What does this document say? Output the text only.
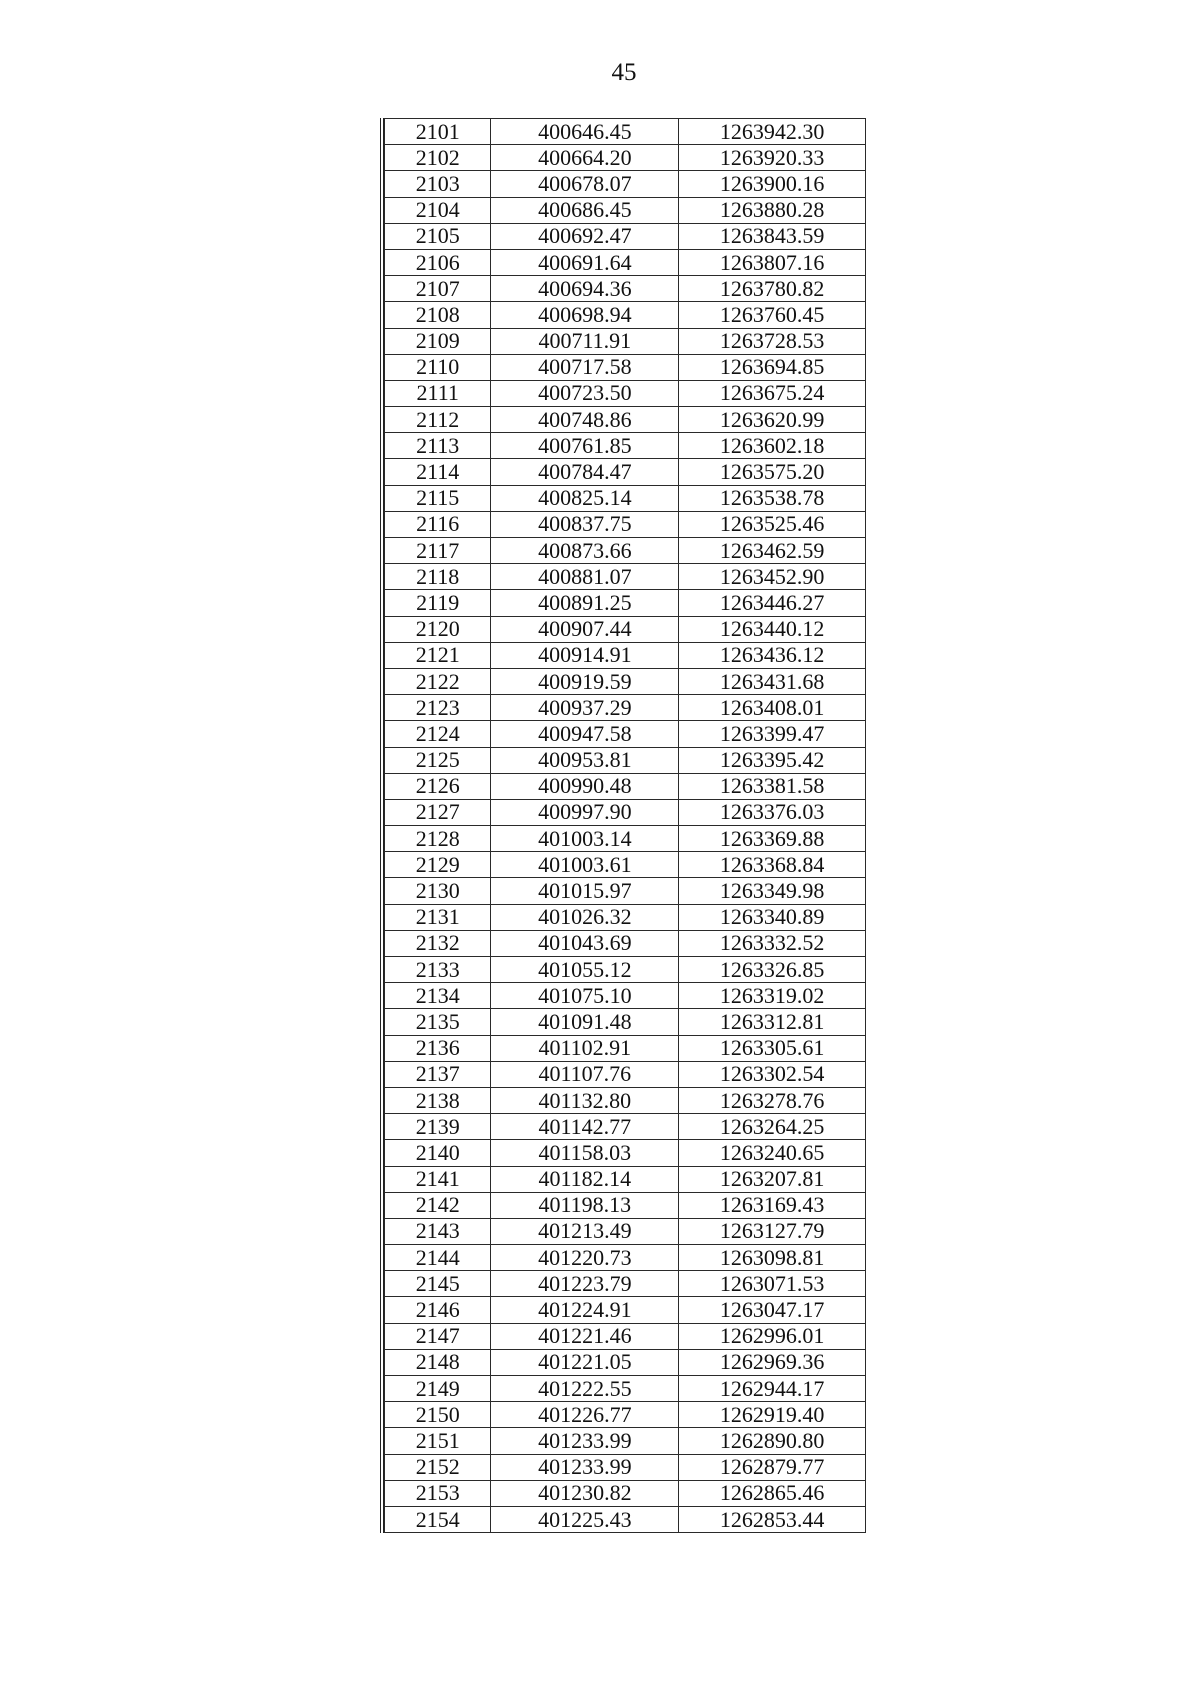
45
2101	400646.45	1263942.30
2102	400664.20	1263920.33
2103	400678.07	1263900.16
2104	400686.45	1263880.28
2105	400692.47	1263843.59
2106	400691.64	1263807.16
2107	400694.36	1263780.82
2108	400698.94	1263760.45
2109	400711.91	1263728.53
2110	400717.58	1263694.85
2111	400723.50	1263675.24
2112	400748.86	1263620.99
2113	400761.85	1263602.18
2114	400784.47	1263575.20
2115	400825.14	1263538.78
2116	400837.75	1263525.46
2117	400873.66	1263462.59
2118	400881.07	1263452.90
2119	400891.25	1263446.27
2120	400907.44	1263440.12
2121	400914.91	1263436.12
2122	400919.59	1263431.68
2123	400937.29	1263408.01
2124	400947.58	1263399.47
2125	400953.81	1263395.42
2126	400990.48	1263381.58
2127	400997.90	1263376.03
2128	401003.14	1263369.88
2129	401003.61	1263368.84
2130	401015.97	1263349.98
2131	401026.32	1263340.89
2132	401043.69	1263332.52
2133	401055.12	1263326.85
2134	401075.10	1263319.02
2135	401091.48	1263312.81
2136	401102.91	1263305.61
2137	401107.76	1263302.54
2138	401132.80	1263278.76
2139	401142.77	1263264.25
2140	401158.03	1263240.65
2141	401182.14	1263207.81
2142	401198.13	1263169.43
2143	401213.49	1263127.79
2144	401220.73	1263098.81
2145	401223.79	1263071.53
2146	401224.91	1263047.17
2147	401221.46	1262996.01
2148	401221.05	1262969.36
2149	401222.55	1262944.17
2150	401226.77	1262919.40
2151	401233.99	1262890.80
2152	401233.99	1262879.77
2153	401230.82	1262865.46
2154	401225.43	1262853.44
